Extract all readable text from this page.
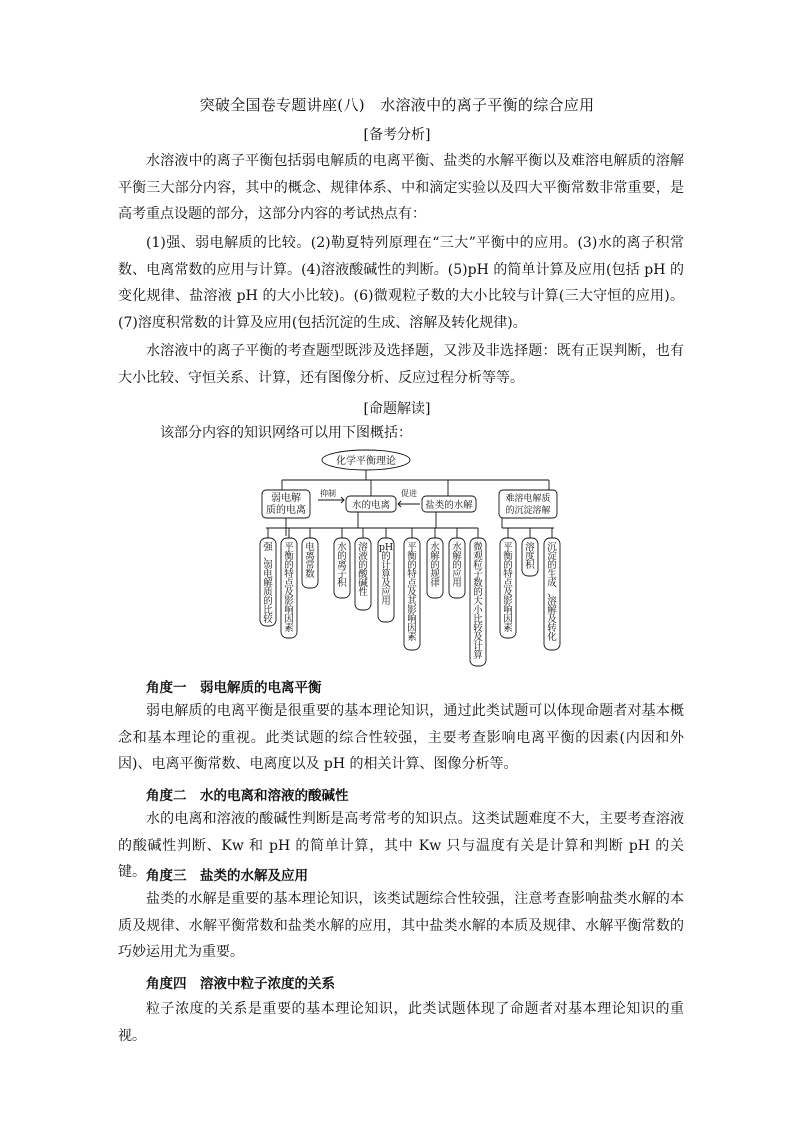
突破全国卷专题讲座(八)　水溶液中的离子平衡的综合应用
[备考分析]
水溶液中的离子平衡包括弱电解质的电离平衡、盐类的水解平衡以及难溶电解质的溶解平衡三大部分内容，其中的概念、规律体系、中和滴定实验以及四大平衡常数非常重要，是高考重点设题的部分，这部分内容的考试热点有：
(1)强、弱电解质的比较。(2)勒夏特列原理在“三大”平衡中的应用。(3)水的离子积常数、电离常数的应用与计算。(4)溶液酸碱性的判断。(5)pH 的简单计算及应用(包括 pH 的变化规律、盐溶液 pH 的大小比较)。(6)微观粒子数的大小比较与计算(三大守恒的应用)。(7)溶度积常数的计算及应用(包括沉淀的生成、溶解及转化规律)。
水溶液中的离子平衡的考查题型既涉及选择题，又涉及非选择题：既有正误判断，也有大小比较、守恒关系、计算，还有图像分析、反应过程分析等等。
[命题解读]
该部分内容的知识网络可以用下图概括：
化学平衡理论
弱电解质的电离	水的电离	盐类的水解
难溶电解质的沉淀溶解
抑制	促进
强、弱电解质的比较
平衡的特点及影响因素
电离常数
水的离子积
溶液的酸碱性
pH 的计算及应用
平衡的特点及其影响因素
水解的规律
水解的应用
微观粒子数的大小比较及计算
平衡的特点及影响因素
溶度积
沉淀的生成、溶解及转化
角度一　弱电解质的电离平衡
弱电解质的电离平衡是很重要的基本理论知识，通过此类试题可以体现命题者对基本概念和基本理论的重视。此类试题的综合性较强，主要考查影响电离平衡的因素(内因和外因)、电离平衡常数、电离度以及 pH 的相关计算、图像分析等。
角度二　水的电离和溶液的酸碱性
水的电离和溶液的酸碱性判断是高考常考的知识点。这类试题难度不大，主要考查溶液的酸碱性判断、Kw 和 pH 的简单计算，其中 Kw 只与温度有关是计算和判断 pH 的关键。 角度三　盐类的水解及应用
盐类的水解是重要的基本理论知识，该类试题综合性较强，注意考查影响盐类水解的本质及规律、水解平衡常数和盐类水解的应用，其中盐类水解的本质及规律、水解平衡常数的巧妙运用尤为重要。
角度四　溶液中粒子浓度的关系
粒子浓度的关系是重要的基本理论知识，此类试题体现了命题者对基本理论知识的重视。
